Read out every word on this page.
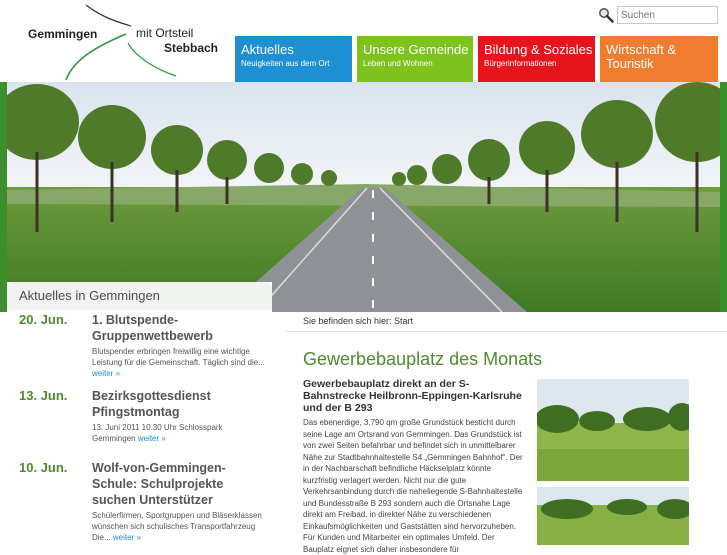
Gemmingen	mit Ortsteil
Stebbach
Suchen Aktuelles
Neuigkeiten aus dem Ort
Unsere Gemeinde
Leben und Wohnen
Bildung & Soziales
Bürgerinformationen
Wirtschaft & Touristik
Aktuelles in Gemmingen
20. Jun. 1. Blutspende-Gruppenwettbewerb
Blutspender erbringen freiwillig eine wichtige Leistung für die Gemeinschaft. Täglich sind die... weiter »
13. Jun. Bezirksgottesdienst Pfingstmontag
13. Juni 2011 10.30 Uhr Schlosspark Gemmingen weiter »
10. Jun. Wolf-von-Gemmingen-Schule: Schulprojekte suchen Unterstützer
Schülerfirmen, Sportgruppen und Bläserklassen wünschen sich schulisches Transportfahrzeug Die... weiter »
Sie befinden sich hier: Start
Gewerbebauplatz des Monats
Gewerbebauplatz direkt an der S-Bahnstrecke Heilbronn-Eppingen-Karlsruhe und der B 293
Das ebenerdige, 3.790 qm große Grundstück besticht durch seine Lage am Ortsrand von Gemmingen. Das Grundstück ist von zwei Seiten befahrbar und befindet sich in unmittelbarer Nähe zur Stadtbahnhaltestelle S4 „Gemmingen Bahnhof“. Der in der Nachbarschaft befindliche Häckselplatz könnte kurzfristig verlagert werden. Nicht nur die gute Verkehrsanbindung durch die naheliegende S-Bahnhaltestelle und Bundesstraße B 293 sondern auch die Ortsnahe Lage direkt am Freibad, in direkter Nähe zu verschiedenen Einkaufsmöglichkeiten und Gaststätten sind hervorzuheben. Für Kunden und Mitarbeiter ein optimales Umfeld. Der Bauplatz eignet sich daher insbesondere für
